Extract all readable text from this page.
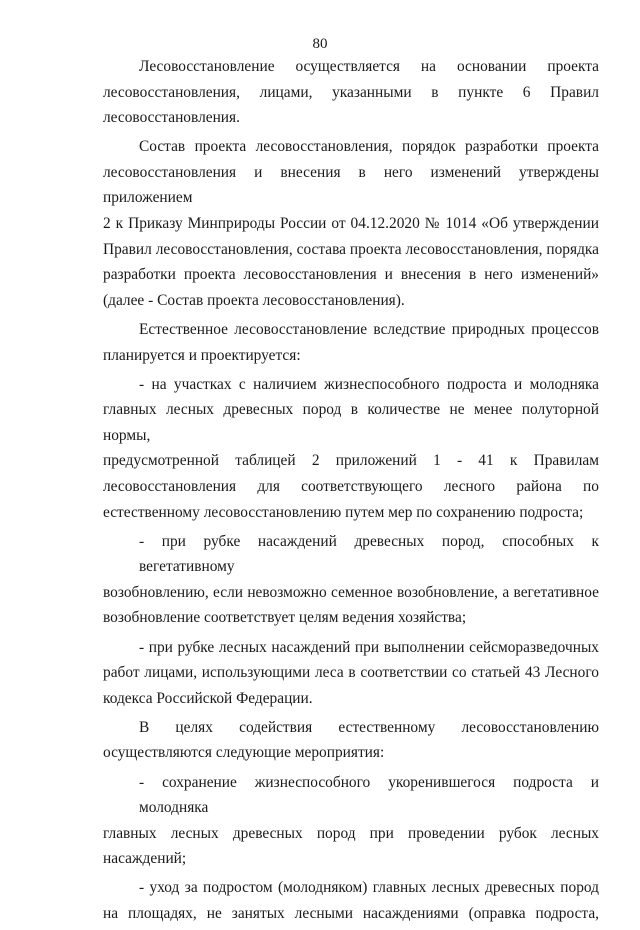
80

Лесовосстановление осуществляется на основании проекта
лесовосстановления, лицами, указанными в пункте 6 Правил
лесовосстановления.

Состав проекта лесовосстановления, порядок разработки проекта
лесовосстановления и внесения в него изменений утверждены приложением
2 к Приказу Минприроды России от 04.12.2020 № 1014 «Об утверждении
Правил лесовосстановления, состава проекта лесовосстановления, порядка
разработки проекта лесовосстановления и внесения в него изменений»
(далее - Состав проекта лесовосстановления).

Естественное лесовосстановление вследствие природных процессов
планируется и проектируется:

- на участках с наличием жизнеспособного подроста и молодняка
главных лесных древесных пород в количестве не менее полуторной нормы,
предусмотренной таблицей 2 приложений 1 - 41 к Правилам
лесовосстановления для соответствующего лесного района по
естественному лесовосстановлению путем мер по сохранению подроста;

- при рубке насаждений древесных пород, способных к вегетативному
возобновлению, если невозможно семенное возобновление, а вегетативное
возобновление соответствует целям ведения хозяйства;

- при рубке лесных насаждений при выполнении сейсморазведочных
работ лицами, использующими леса в соответствии со статьей 43 Лесного
кодекса Российской Федерации.

В целях содействия естественному лесовосстановлению
осуществляются следующие мероприятия:

- сохранение жизнеспособного укоренившегося подроста и молодняка
главных лесных древесных пород при проведении рубок лесных
насаждений;

- уход за подростом (молодняком) главных лесных древесных пород
на площадях, не занятых лесными насаждениями (оправка подроста,
